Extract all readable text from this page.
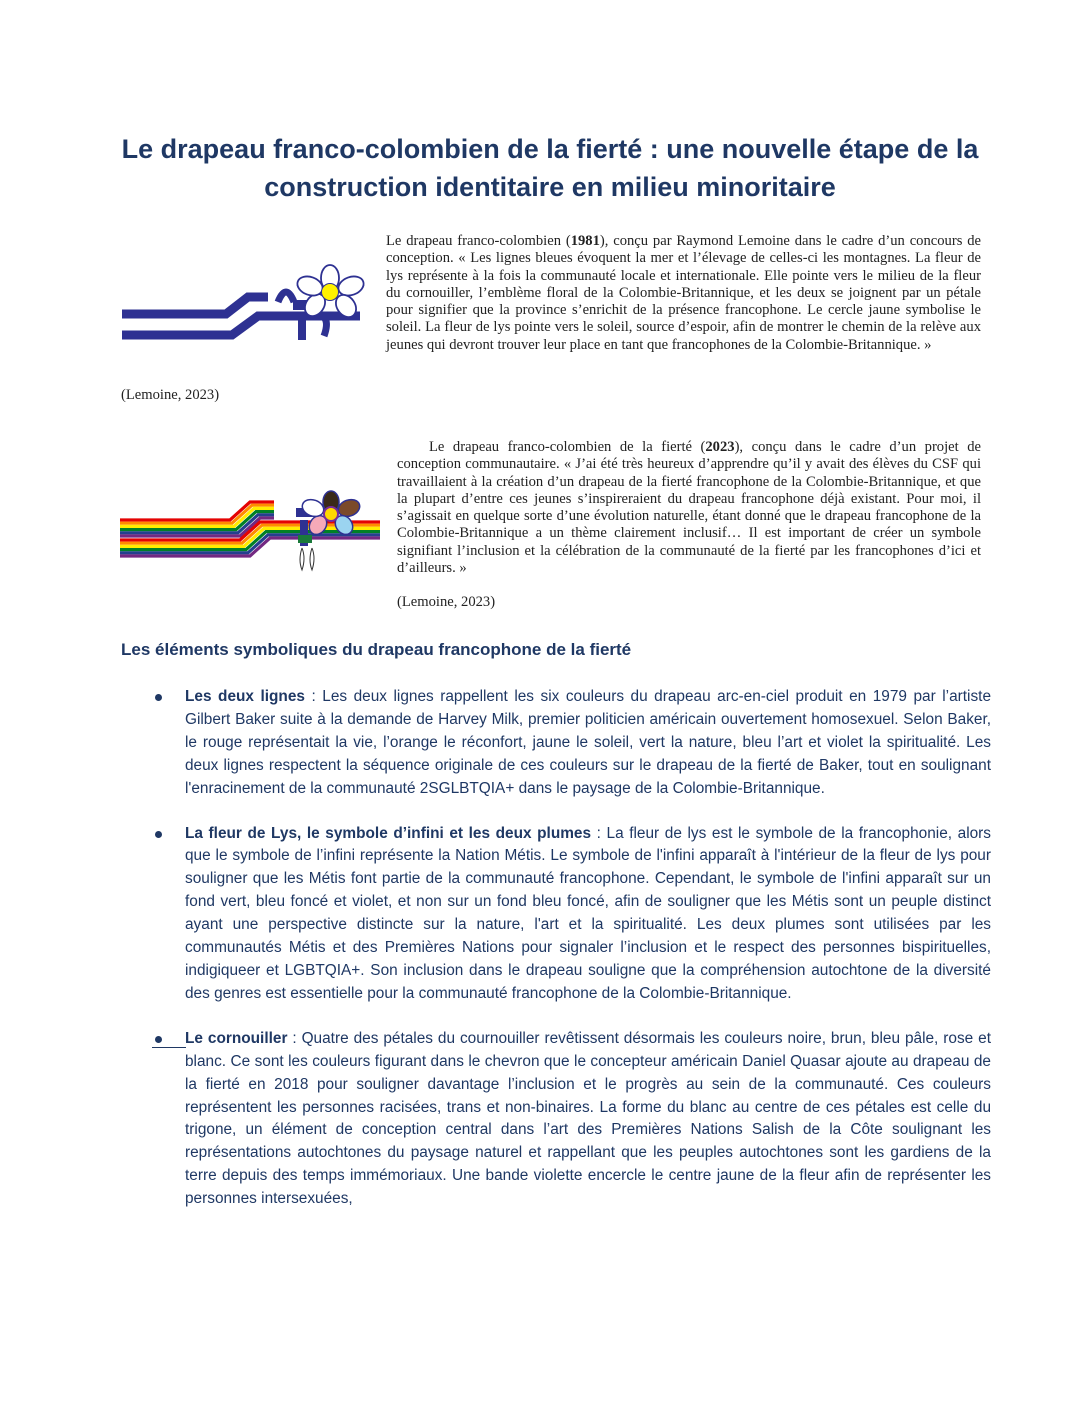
Le drapeau franco-colombien de la fierté : une nouvelle étape de la construction identitaire en milieu minoritaire

Le drapeau franco-colombien (1981), conçu par Raymond Lemoine dans le cadre d’un concours de conception. « Les lignes bleues évoquent la mer et l’élevage de celles-ci les montagnes. La fleur de lys représente à la fois la communauté locale et internationale. Elle pointe vers le milieu de la fleur du cornouiller, l’emblème floral de la Colombie-Britannique, et les deux se joignent par un pétale pour signifier que la province s’enrichit de la présence francophone. Le cercle jaune symbolise le soleil. La fleur de lys pointe vers le soleil, source d’espoir, afin de montrer le chemin de la relève aux jeunes qui devront trouver leur place en tant que francophones de la Colombie-Britannique. »

(Lemoine, 2023)

Le drapeau franco-colombien de la fierté (2023), conçu dans le cadre d’un projet de conception communautaire. « J’ai été très heureux d’apprendre qu’il y avait des élèves du CSF qui travaillaient à la création d’un drapeau de la fierté francophone de la Colombie-Britannique, et que la plupart d’entre ces jeunes s’inspireraient du drapeau francophone déjà existant. Pour moi, il s’agissait en quelque sorte d’une évolution naturelle, étant donné que le drapeau francophone de la Colombie-Britannique a un thème clairement inclusif… Il est important de créer un symbole signifiant l’inclusion et la célébration de la communauté de la fierté par les francophones d’ici et d’ailleurs. »

(Lemoine, 2023)

Les éléments symboliques du drapeau francophone de la fierté

Les deux lignes : Les deux lignes rappellent les six couleurs du drapeau arc-en-ciel produit en 1979 par l’artiste Gilbert Baker suite à la demande de Harvey Milk, premier politicien américain ouvertement homosexuel. Selon Baker, le rouge représentait la vie, l’orange le réconfort, jaune le soleil, vert la nature, bleu l’art et violet la spiritualité. Les deux lignes respectent la séquence originale de ces couleurs sur le drapeau de la fierté de Baker, tout en soulignant l'enracinement de la communauté 2SGLBTQIA+ dans le paysage de la Colombie-Britannique.

La fleur de Lys, le symbole d’infini et les deux plumes : La fleur de lys est le symbole de la francophonie, alors que le symbole de l’infini représente la Nation Métis. Le symbole de l'infini apparaît à l'intérieur de la fleur de lys pour souligner que les Métis font partie de la communauté francophone. Cependant, le symbole de l'infini apparaît sur un fond vert, bleu foncé et violet, et non sur un fond bleu foncé, afin de souligner que les Métis sont un peuple distinct ayant une perspective distincte sur la nature, l'art et la spiritualité. Les deux plumes sont utilisées par les communautés Métis et des Premières Nations pour signaler l’inclusion et le respect des personnes bispirituelles, indigiqueer et LGBTQIA+. Son inclusion dans le drapeau souligne que la compréhension autochtone de la diversité des genres est essentielle pour la communauté francophone de la Colombie-Britannique.

Le cornouiller : Quatre des pétales du cournouiller revêtissent désormais les couleurs noire, brun, bleu pâle, rose et blanc. Ce sont les couleurs figurant dans le chevron que le concepteur américain Daniel Quasar ajoute au drapeau de la fierté en 2018 pour souligner davantage l’inclusion et le progrès au sein de la communauté. Ces couleurs représentent les personnes racisées, trans et non-binaires. La forme du blanc au centre de ces pétales est celle du trigone, un élément de conception central dans l’art des Premières Nations Salish de la Côte soulignant les représentations autochtones du paysage naturel et rappellant que les peuples autochtones sont les gardiens de la terre depuis des temps immémoriaux. Une bande violette encercle le centre jaune de la fleur afin de représenter les personnes intersexuées,
